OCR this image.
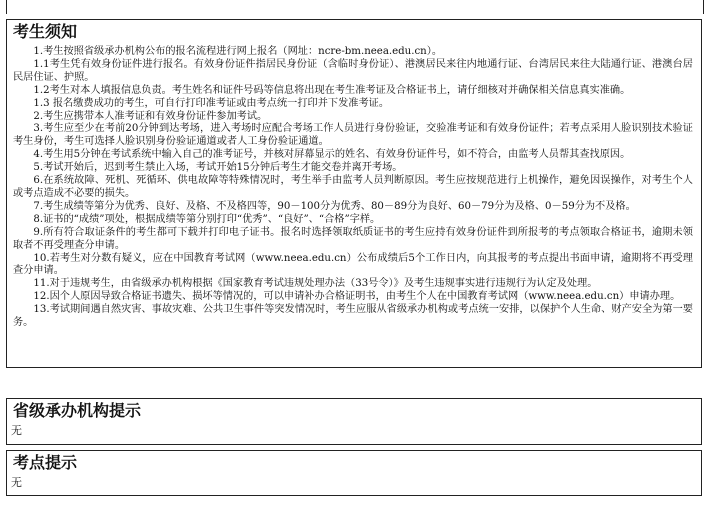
考生须知

1.考生按照省级承办机构公布的报名流程进行网上报名（网址：ncre-bm.neea.edu.cn）。

1.1考生凭有效身份证件进行报名。有效身份证件指居民身份证（含临时身份证）、港澳居民来往内地通行证、台湾居民来往大陆通行证、港澳台居民居住证、护照。

1.2考生对本人填报信息负责。考生姓名和证件号码等信息将出现在考生准考证及合格证书上，请仔细核对并确保相关信息真实准确。

1.3 报名缴费成功的考生，可自行打印准考证或由考点统一打印并下发准考证。

2.考生应携带本人准考证和有效身份证件参加考试。

3.考生应至少在考前20分钟到达考场，进入考场时应配合考场工作人员进行身份验证，交验准考证和有效身份证件；若考点采用人脸识别技术验证考生身份，考生可选择人脸识别身份验证通道或者人工身份验证通道。

4.考生用5分钟在考试系统中输入自己的准考证号，并核对屏幕显示的姓名、有效身份证件号，如不符合，由监考人员帮其查找原因。

5.考试开始后，迟到考生禁止入场，考试开始15分钟后考生才能交卷并离开考场。

6.在系统故障、死机、死循环、供电故障等特殊情况时，考生举手由监考人员判断原因。考生应按规范进行上机操作，避免因误操作，对考生个人或考点造成不必要的损失。

7.考生成绩等第分为优秀、良好、及格、不及格四等，90－100分为优秀、80－89分为良好、60－79分为及格、0－59分为不及格。

8.证书的“成绩”项处，根据成绩等第分别打印“优秀”、“良好”、“合格”字样。

9.所有符合取证条件的考生都可下载并打印电子证书。报名时选择领取纸质证书的考生应持有效身份证件到所报考的考点领取合格证书，逾期未领取者不再受理查分申请。

10.若考生对分数有疑义，应在中国教育考试网（www.neea.edu.cn）公布成绩后5个工作日内，向其报考的考点提出书面申请，逾期将不再受理查分申请。

11.对于违规考生，由省级承办机构根据《国家教育考试违规处理办法（33号令）》及考生违规事实进行违规行为认定及处理。

12.因个人原因导致合格证书遗失、损坏等情况的，可以申请补办合格证明书，由考生个人在中国教育考试网（www.neea.edu.cn）申请办理。

13.考试期间遇自然灾害、事故灾难、公共卫生事件等突发情况时，考生应服从省级承办机构或考点统一安排，以保护个人生命、财产安全为第一要务。

省级承办机构提示
无
考点提示
无
